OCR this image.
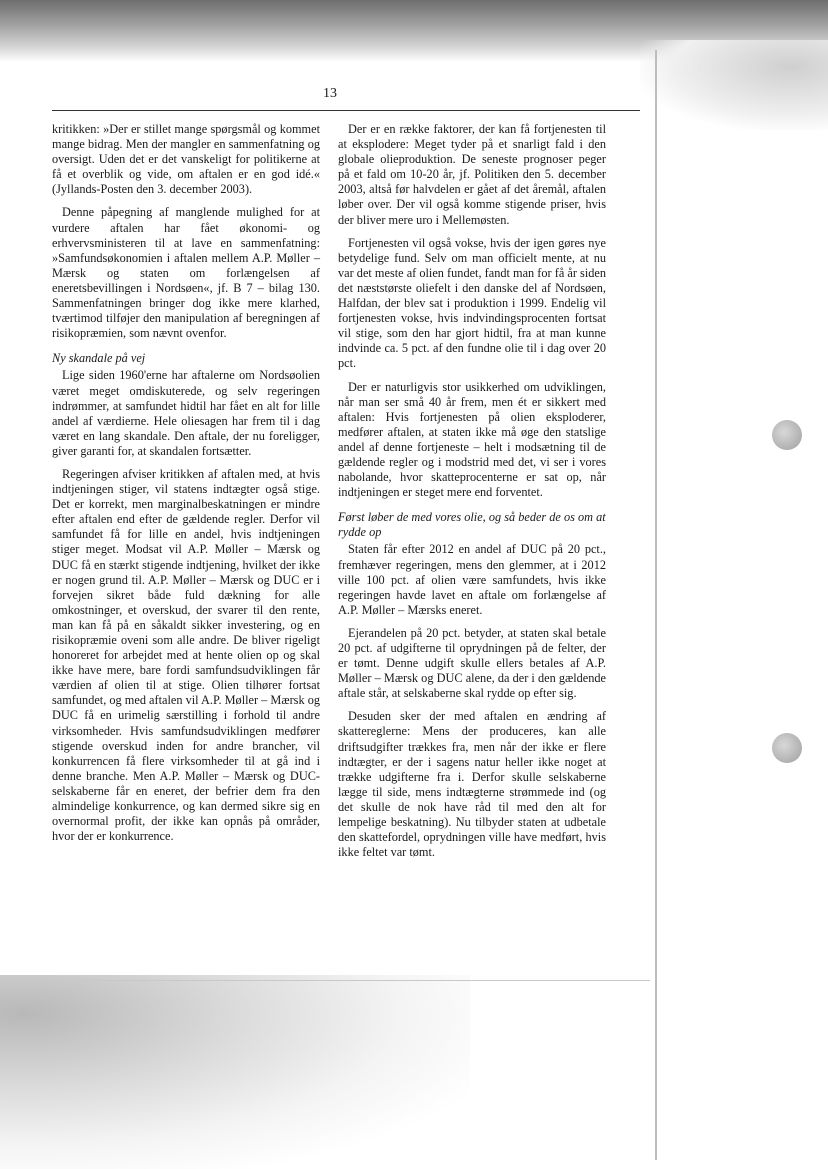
13

kritikken: »Der er stillet mange spørgsmål og kommet mange bidrag. Men der mangler en sammenfatning og oversigt. Uden det er det vanskeligt for politikerne at få et overblik og vide, om aftalen er en god idé.« (Jyllands-Posten den 3. december 2003).

Denne påpegning af manglende mulighed for at vurdere aftalen har fået økonomi- og erhvervsministeren til at lave en sammenfatning: »Samfundsøkonomien i aftalen mellem A.P. Møller – Mærsk og staten om forlængelsen af eneretsbevillingen i Nordsøen«, jf. B 7 – bilag 130. Sammenfatningen bringer dog ikke mere klarhed, tværtimod tilføjer den manipulation af beregningen af risikopræmien, som nævnt ovenfor.

Ny skandale på vej

Lige siden 1960'erne har aftalerne om Nordsøolien været meget omdiskuterede, og selv regeringen indrømmer, at samfundet hidtil har fået en alt for lille andel af værdierne. Hele oliesagen har frem til i dag været en lang skandale. Den aftale, der nu foreligger, giver garanti for, at skandalen fortsætter.

Regeringen afviser kritikken af aftalen med, at hvis indtjeningen stiger, vil statens indtægter også stige. Det er korrekt, men marginalbeskatningen er mindre efter aftalen end efter de gældende regler. Derfor vil samfundet få for lille en andel, hvis indtjeningen stiger meget. Modsat vil A.P. Møller – Mærsk og DUC få en stærkt stigende indtjening, hvilket der ikke er nogen grund til. A.P. Møller – Mærsk og DUC er i forvejen sikret både fuld dækning for alle omkostninger, et overskud, der svarer til den rente, man kan få på en såkaldt sikker investering, og en risikopræmie oveni som alle andre. De bliver rigeligt honoreret for arbejdet med at hente olien op og skal ikke have mere, bare fordi samfundsudviklingen får værdien af olien til at stige. Olien tilhører fortsat samfundet, og med aftalen vil A.P. Møller – Mærsk og DUC få en urimelig særstilling i forhold til andre virksomheder. Hvis samfundsudviklingen medfører stigende overskud inden for andre brancher, vil konkurrencen få flere virksomheder til at gå ind i denne branche. Men A.P. Møller – Mærsk og DUC-selskaberne får en eneret, der befrier dem fra den almindelige konkurrence, og kan dermed sikre sig en overnormal profit, der ikke kan opnås på områder, hvor der er konkurrence.

Der er en række faktorer, der kan få fortjenesten til at eksplodere: Meget tyder på et snarligt fald i den globale olieproduktion. De seneste prognoser peger på et fald om 10-20 år, jf. Politiken den 5. december 2003, altså før halvdelen er gået af det åremål, aftalen løber over. Der vil også komme stigende priser, hvis der bliver mere uro i Mellemøsten.

Fortjenesten vil også vokse, hvis der igen gøres nye betydelige fund. Selv om man officielt mente, at nu var det meste af olien fundet, fandt man for få år siden det næststørste oliefelt i den danske del af Nordsøen, Halfdan, der blev sat i produktion i 1999. Endelig vil fortjenesten vokse, hvis indvindingsprocenten fortsat vil stige, som den har gjort hidtil, fra at man kunne indvinde ca. 5 pct. af den fundne olie til i dag over 20 pct.

Der er naturligvis stor usikkerhed om udviklingen, når man ser små 40 år frem, men ét er sikkert med aftalen: Hvis fortjenesten på olien eksploderer, medfører aftalen, at staten ikke må øge den statslige andel af denne fortjeneste – helt i modsætning til de gældende regler og i modstrid med det, vi ser i vores nabolande, hvor skatteprocenterne er sat op, når indtjeningen er steget mere end forventet.

Først løber de med vores olie, og så beder de os om at rydde op

Staten får efter 2012 en andel af DUC på 20 pct., fremhæver regeringen, mens den glemmer, at i 2012 ville 100 pct. af olien være samfundets, hvis ikke regeringen havde lavet en aftale om forlængelse af A.P. Møller – Mærsks eneret.

Ejerandelen på 20 pct. betyder, at staten skal betale 20 pct. af udgifterne til oprydningen på de felter, der er tømt. Denne udgift skulle ellers betales af A.P. Møller – Mærsk og DUC alene, da der i den gældende aftale står, at selskaberne skal rydde op efter sig.

Desuden sker der med aftalen en ændring af skattereglerne: Mens der produceres, kan alle driftsudgifter trækkes fra, men når der ikke er flere indtægter, er der i sagens natur heller ikke noget at trække udgifterne fra i. Derfor skulle selskaberne lægge til side, mens indtægterne strømmede ind (og det skulle de nok have råd til med den alt for lempelige beskatning). Nu tilbyder staten at udbetale den skattefordel, oprydningen ville have medført, hvis ikke feltet var tømt.
